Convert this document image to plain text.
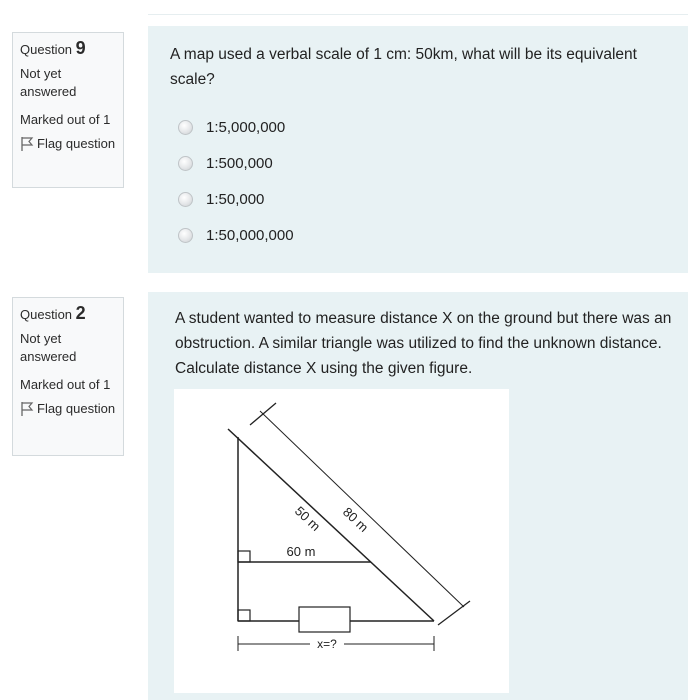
Question 9
Not yet answered
Marked out of 1
Flag question
A map used a verbal scale of 1 cm: 50km, what will be its equivalent scale?
1:5,000,000
1:500,000
1:50,000
1:50,000,000
Question 2
Not yet answered
Marked out of 1
Flag question
A student wanted to measure distance X on the ground but there was an obstruction. A similar triangle was utilized to find the unknown distance. Calculate distance X using the given figure.
x=?
60 m
50 m 80 m
